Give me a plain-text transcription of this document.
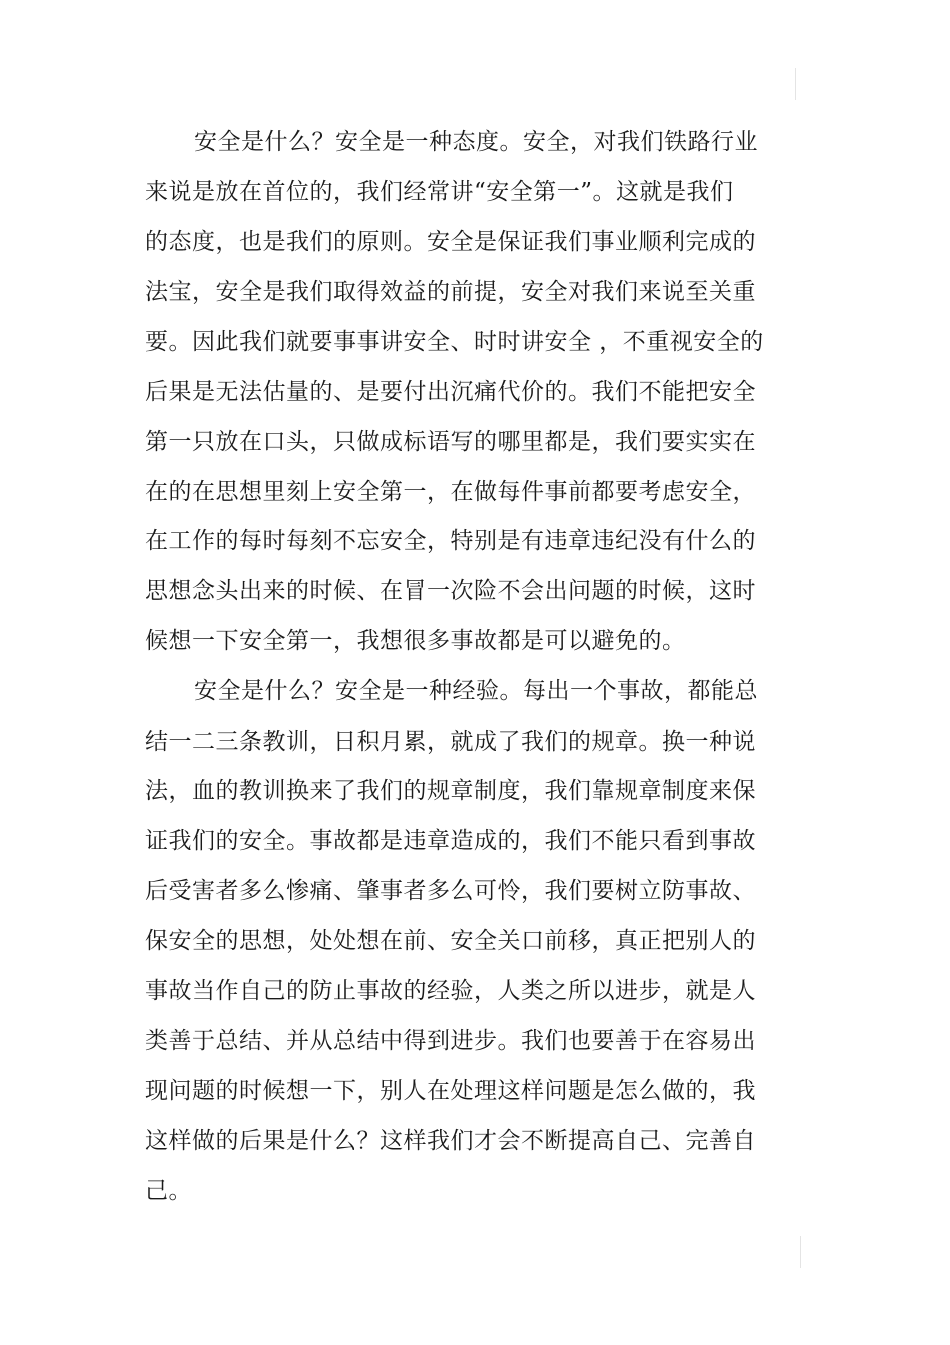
安全是什么？安全是一种态度。安全，对我们铁路行业
来说是放在首位的，我们经常讲“安全第一”。这就是我们
的态度，也是我们的原则。安全是保证我们事业顺利完成的
法宝，安全是我们取得效益的前提，安全对我们来说至关重
要。因此我们就要事事讲安全、时时讲安全 ，不重视安全的
后果是无法估量的、是要付出沉痛代价的。我们不能把安全
第一只放在口头，只做成标语写的哪里都是，我们要实实在
在的在思想里刻上安全第一，在做每件事前都要考虑安全，
在工作的每时每刻不忘安全，特别是有违章违纪没有什么的
思想念头出来的时候、在冒一次险不会出问题的时候，这时
候想一下安全第一，我想很多事故都是可以避免的。
安全是什么？安全是一种经验。每出一个事故，都能总
结一二三条教训，日积月累，就成了我们的规章。换一种说
法，血的教训换来了我们的规章制度，我们靠规章制度来保
证我们的安全。事故都是违章造成的，我们不能只看到事故
后受害者多么惨痛、肇事者多么可怜，我们要树立防事故、
保安全的思想，处处想在前、安全关口前移，真正把别人的
事故当作自己的防止事故的经验，人类之所以进步，就是人
类善于总结、并从总结中得到进步。我们也要善于在容易出
现问题的时候想一下，别人在处理这样问题是怎么做的，我
这样做的后果是什么？这样我们才会不断提高自己、完善自
己。
